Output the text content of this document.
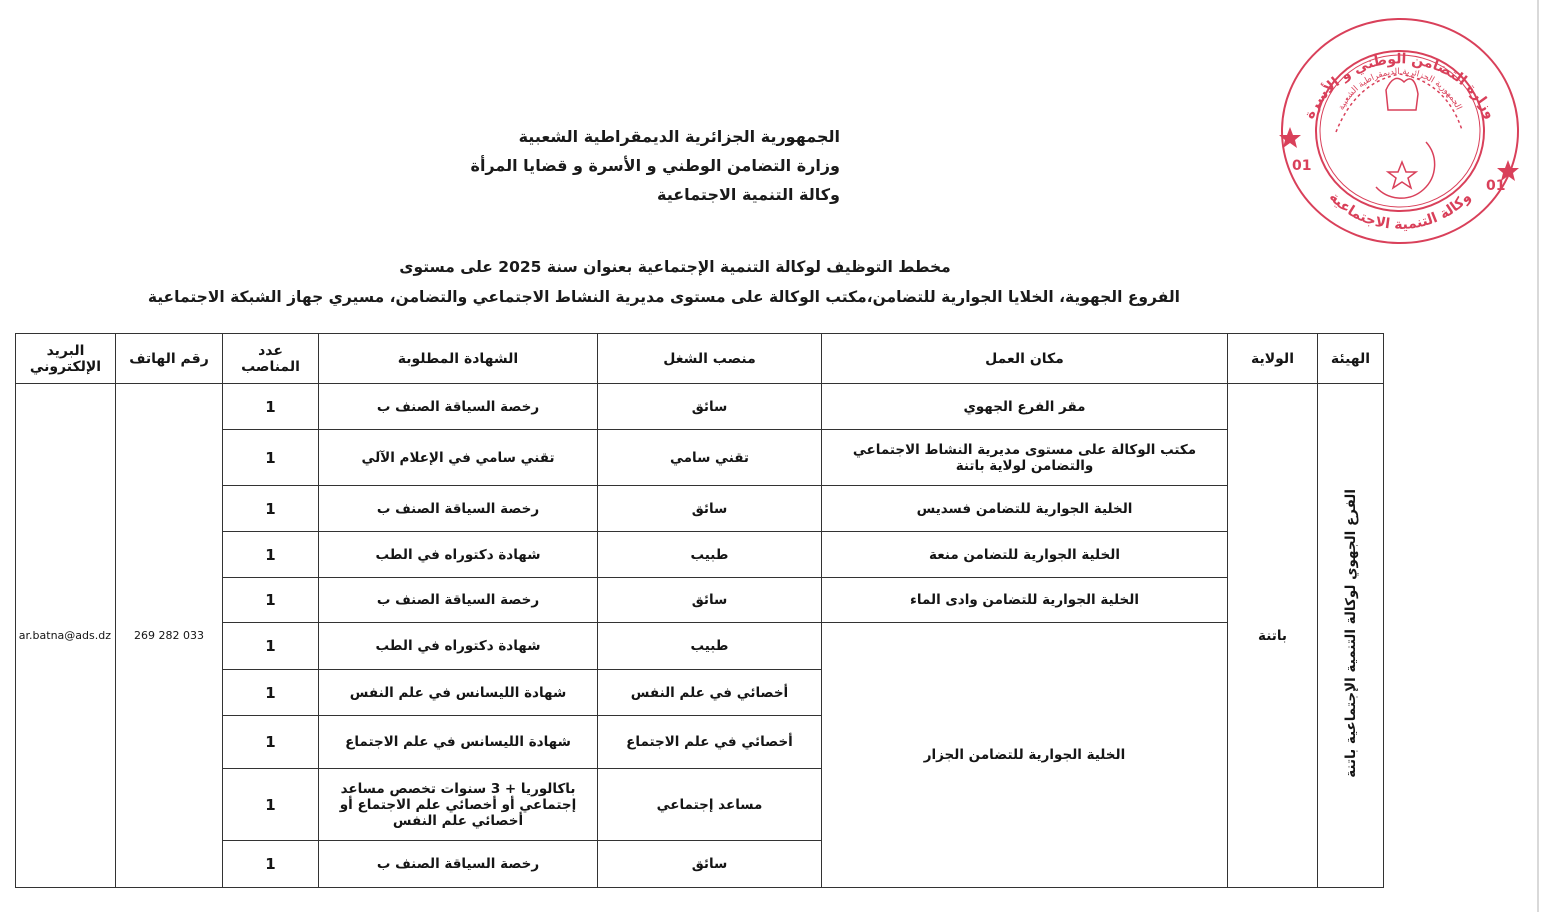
01
01
وزارة التضامن الوطني و الأسرة
الجمهورية الجزائرية الديمقراطية الشعبية
وكالة التنمية الاجتماعية
الجمهورية الجزائرية الديمقراطية الشعبية
وزارة التضامن الوطني و الأسرة و قضايا المرأة
وكالة التنمية الاجتماعية
مخطط التوظيف لوكالة التنمية الإجتماعية بعنوان سنة 2025 على مستوى
الفروع الجهوية، الخلايا الجوارية للتضامن،مكتب الوكالة على مستوى مديرية النشاط الاجتماعي والتضامن، مسيري جهاز الشبكة الاجتماعية
الهيئة	الولاية	مكان العمل	منصب الشغل	الشهادة المطلوبة	عدد المناصب	رقم الهاتف	البريد الإلكتروني
الفرع الجهوي لوكالة التنمية الإجتماعية باتنة	باتنة	مقر الفرع الجهوي	سائق	رخصة السياقة الصنف ب	1	033 282 269	ar.batna@ads.dz
		مكتب الوكالة على مستوى مديرية النشاط الاجتماعي والتضامن لولاية باتنة	تقني سامي	تقني سامي في الإعلام الآلي	1		
		الخلية الجوارية للتضامن فسديس	سائق	رخصة السياقة الصنف ب	1		
		الخلية الجوارية للتضامن منعة	طبيب	شهادة دكتوراه في الطب	1		
		الخلية الجوارية للتضامن وادى الماء	سائق	رخصة السياقة الصنف ب	1		
		الخلية الجوارية للتضامن الجزار	طبيب	شهادة دكتوراه في الطب	1		
			أخصائي في علم النفس	شهادة الليسانس في علم النفس	1		
			أخصائي في علم الاجتماع	شهادة الليسانس في علم الاجتماع	1		
			مساعد إجتماعي	باكالوريا + 3 سنوات تخصص مساعد إجتماعي أو أخصائي علم الاجتماع أو أخصائي علم النفس	1		
			سائق	رخصة السياقة الصنف ب	1		
